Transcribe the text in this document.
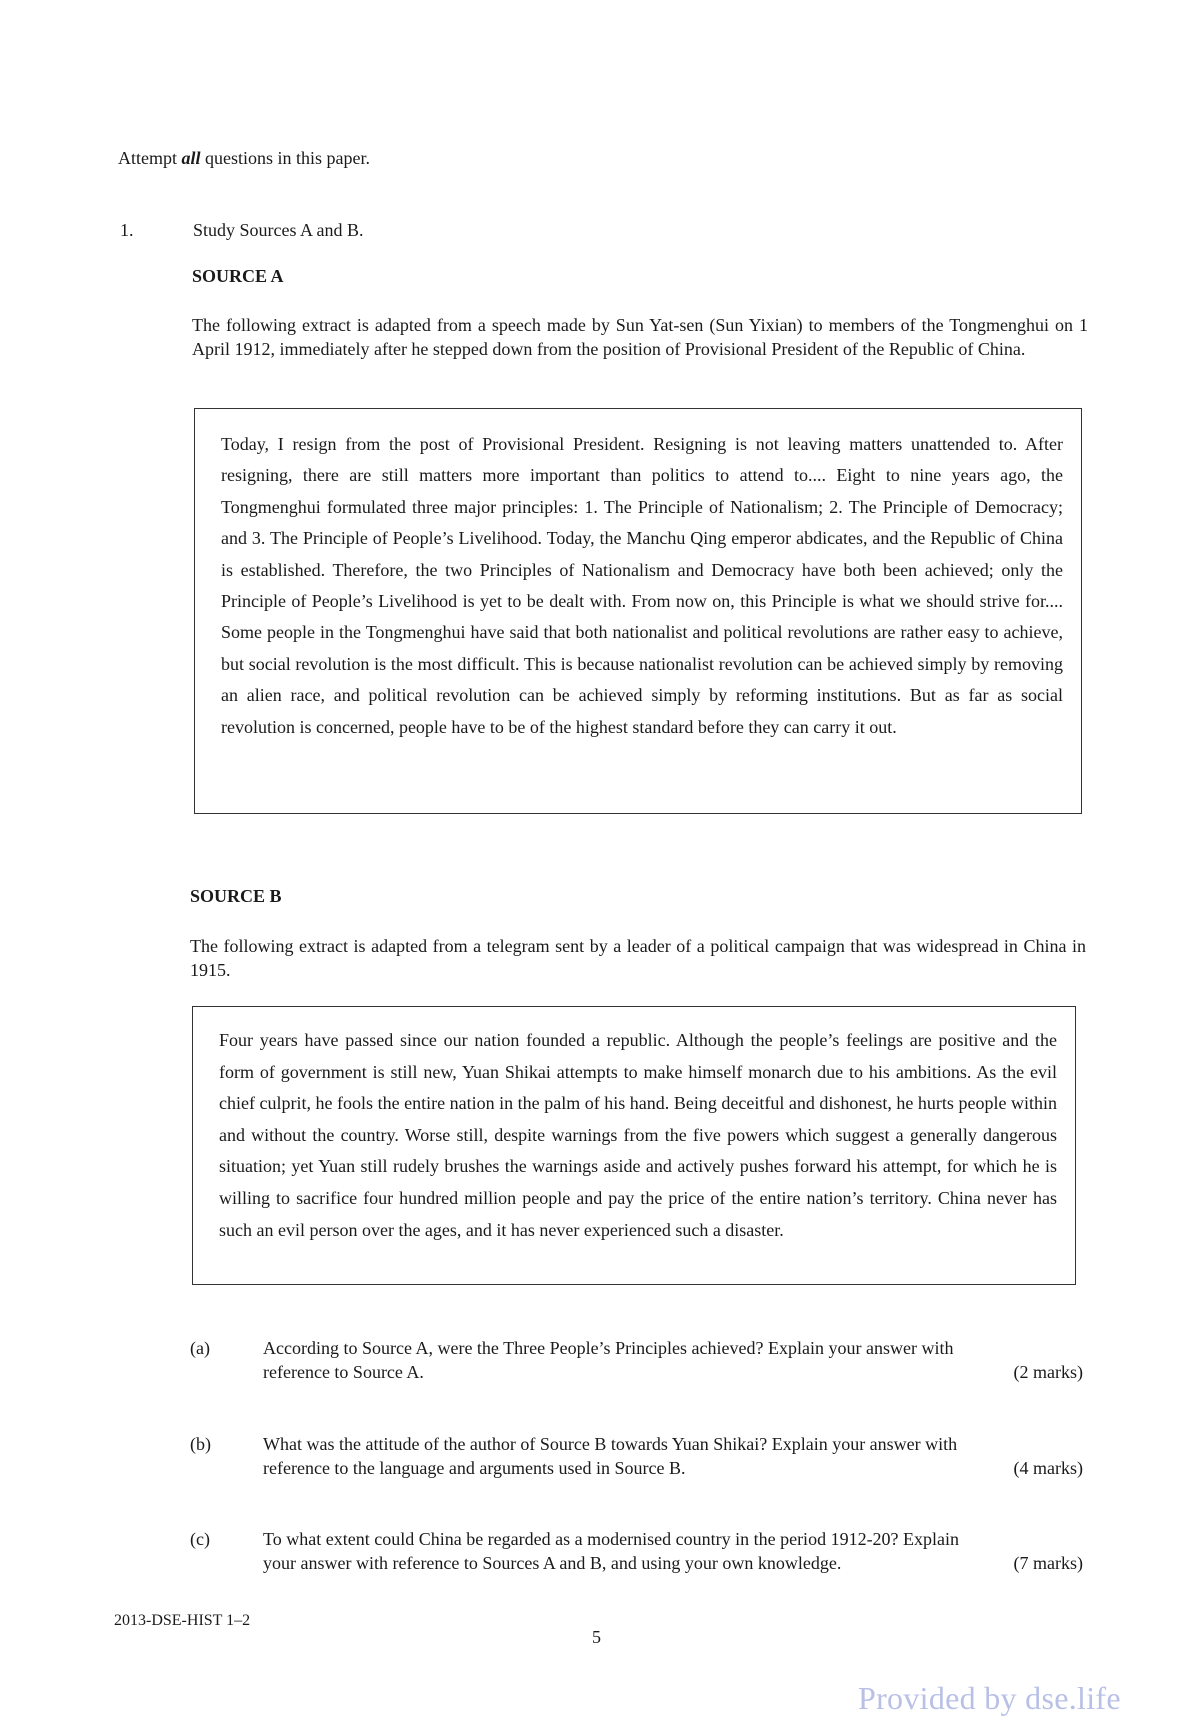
Attempt all questions in this paper.

1.	Study Sources A and B.

SOURCE A

The following extract is adapted from a speech made by Sun Yat-sen (Sun Yixian) to members of the Tongmenghui on 1 April 1912, immediately after he stepped down from the position of Provisional President of the Republic of China.

Today, I resign from the post of Provisional President. Resigning is not leaving matters unattended to. After resigning, there are still matters more important than politics to attend to.... Eight to nine years ago, the Tongmenghui formulated three major principles: 1. The Principle of Nationalism; 2. The Principle of Democracy; and 3. The Principle of People’s Livelihood. Today, the Manchu Qing emperor abdicates, and the Republic of China is established. Therefore, the two Principles of Nationalism and Democracy have both been achieved; only the Principle of People’s Livelihood is yet to be dealt with. From now on, this Principle is what we should strive for.... Some people in the Tongmenghui have said that both nationalist and political revolutions are rather easy to achieve, but social revolution is the most difficult. This is because nationalist revolution can be achieved simply by removing an alien race, and political revolution can be achieved simply by reforming institutions. But as far as social revolution is concerned, people have to be of the highest standard before they can carry it out.

SOURCE B

The following extract is adapted from a telegram sent by a leader of a political campaign that was widespread in China in 1915.

Four years have passed since our nation founded a republic. Although the people’s feelings are positive and the form of government is still new, Yuan Shikai attempts to make himself monarch due to his ambitions. As the evil chief culprit, he fools the entire nation in the palm of his hand. Being deceitful and dishonest, he hurts people within and without the country. Worse still, despite warnings from the five powers which suggest a generally dangerous situation; yet Yuan still rudely brushes the warnings aside and actively pushes forward his attempt, for which he is willing to sacrifice four hundred million people and pay the price of the entire nation’s territory. China never has such an evil person over the ages, and it has never experienced such a disaster.

(a)	According to Source A, were the Three People’s Principles achieved? Explain your answer with
reference to Source A.	(2 marks)

(b)	What was the attitude of the author of Source B towards Yuan Shikai? Explain your answer with
reference to the language and arguments used in Source B.	(4 marks)

(c)	To what extent could China be regarded as a modernised country in the period 1912-20? Explain
your answer with reference to Sources A and B, and using your own knowledge.	(7 marks)

2013-DSE-HIST 1–2

5

Provided by dse.life
